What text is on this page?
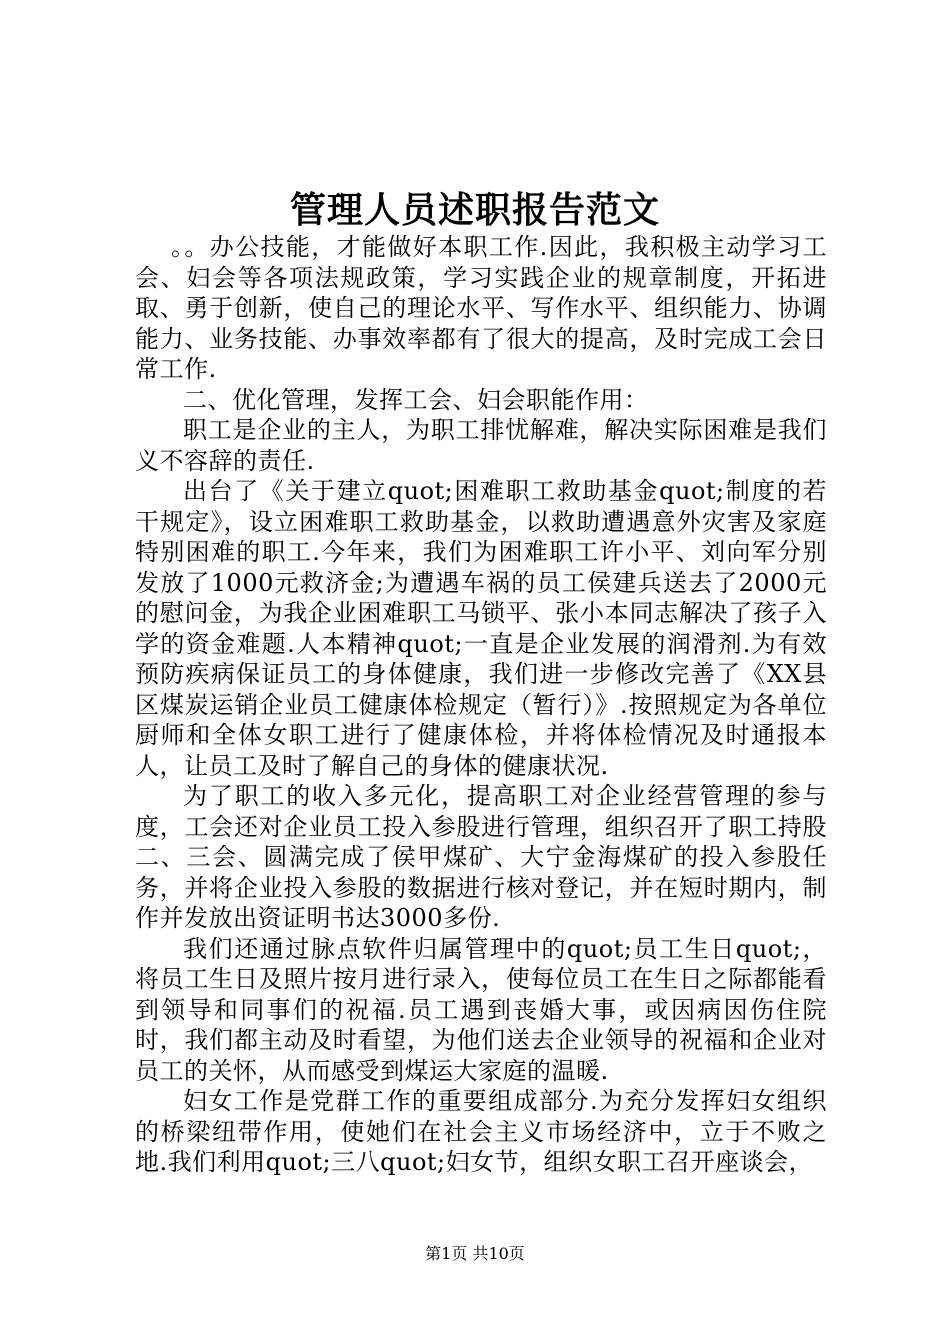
管理人员述职报告范文

。。办公技能，才能做好本职工作.因此，我积极主动学习工会、妇会等各项法规政策，学习实践企业的规章制度，开拓进取、勇于创新，使自己的理论水平、写作水平、组织能力、协调能力、业务技能、办事效率都有了很大的提高，及时完成工会日常工作.

二、优化管理，发挥工会、妇会职能作用：

职工是企业的主人，为职工排忧解难，解决实际困难是我们义不容辞的责任.

出台了《关于建立quot;困难职工救助基金quot;制度的若干规定》，设立困难职工救助基金，以救助遭遇意外灾害及家庭特别困难的职工.今年来，我们为困难职工许小平、刘向军分别发放了1000元救济金;为遭遇车祸的员工侯建兵送去了2000元的慰问金，为我企业困难职工马锁平、张小本同志解决了孩子入学的资金难题.人本精神quot;一直是企业发展的润滑剂.为有效预防疾病保证员工的身体健康，我们进一步修改完善了《XX县区煤炭运销企业员工健康体检规定（暂行）》.按照规定为各单位厨师和全体女职工进行了健康体检，并将体检情况及时通报本人，让员工及时了解自己的身体的健康状况.

为了职工的收入多元化，提高职工对企业经营管理的参与度，工会还对企业员工投入参股进行管理，组织召开了职工持股二、三会、圆满完成了侯甲煤矿、大宁金海煤矿的投入参股任务，并将企业投入参股的数据进行核对登记，并在短时期内，制作并发放出资证明书达3000多份.

我们还通过脉点软件归属管理中的quot;员工生日quot;，将员工生日及照片按月进行录入，使每位员工在生日之际都能看到领导和同事们的祝福.员工遇到丧婚大事，或因病因伤住院时，我们都主动及时看望，为他们送去企业领导的祝福和企业对员工的关怀，从而感受到煤运大家庭的温暖.

妇女工作是党群工作的重要组成部分.为充分发挥妇女组织的桥梁纽带作用，使她们在社会主义市场经济中，立于不败之地.我们利用quot;三八quot;妇女节，组织女职工召开座谈会，

第1页 共10页
